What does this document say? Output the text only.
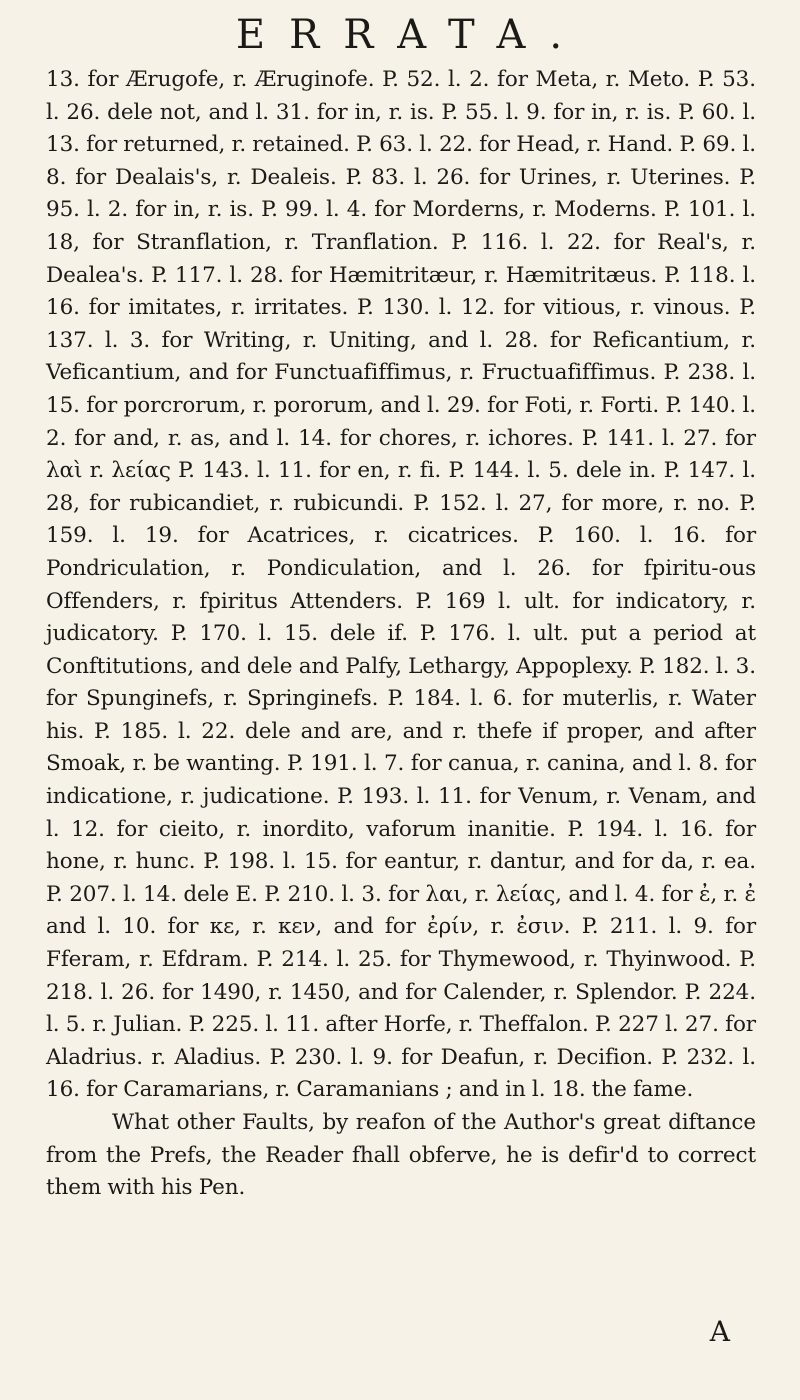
ERRATA.

13. for Ærugofe, r. Æruginofe. P. 52. l. 2. for Meta, r. Meto. P. 53. l. 26. dele not, and l. 31. for in, r. is. P. 55. l. 9. for in, r. is. P. 60. l. 13. for returned, r. retained. P. 63. l. 22. for Head, r. Hand. P. 69. l. 8. for Dealais's, r. Dealeis. P. 83. l. 26. for Urines, r. Uterines. P. 95. l. 2. for in, r. is. P. 99. l. 4. for Morderns, r. Moderns. P. 101. l. 18, for Stranflation, r. Tranflation. P. 116. l. 22. for Real's, r. Dealea's. P. 117. l. 28. for Hæmitritæur, r. Hæmitritæus. P. 118. l. 16. for imitates, r. irritates. P. 130. l. 12. for vitious, r. vinous. P. 137. l. 3. for Writing, r. Uniting, and l. 28. for Reficantium, r. Veficantium, and for Functuafiffimus, r. Fructuafiffimus. P. 238. l. 15. for porcrorum, r. pororum, and l. 29. for Foti, r. Forti. P. 140. l. 2. for and, r. as, and l. 14. for chores, r. ichores. P. 141. l. 27. for λαὶ r. λείας P. 143. l. 11. for en, r. fi. P. 144. l. 5. dele in. P. 147. l. 28, for rubicandiet, r. rubicundi. P. 152. l. 27, for more, r. no. P. 159. l. 19. for Acatrices, r. cicatrices. P. 160. l. 16. for Pondriculation, r. Pondiculation, and l. 26. for fpiritu-ous Offenders, r. fpiritus Attenders. P. 169 l. ult. for indicatory, r. judicatory. P. 170. l. 15. dele if. P. 176. l. ult. put a period at Conftitutions, and dele and Palfy, Lethargy, Appoplexy. P. 182. l. 3. for Spunginefs, r. Springinefs. P. 184. l. 6. for muterlis, r. Water his. P. 185. l. 22. dele and are, and r. thefe if proper, and after Smoak, r. be wanting. P. 191. l. 7. for canua, r. canina, and l. 8. for indicatione, r. judicatione. P. 193. l. 11. for Venum, r. Venam, and l. 12. for cieito, r. inordito, vaforum inanitie. P. 194. l. 16. for hone, r. hunc. P. 198. l. 15. for eantur, r. dantur, and for da, r. ea. P. 207. l. 14. dele E. P. 210. l. 3. for λαι, r. λείας, and l. 4. for ἐ, r. ἐ and l. 10. for κε, r. κεν, and for ἐρίν, r. ἐσιν. P. 211. l. 9. for Fferam, r. Efdram. P. 214. l. 25. for Thymewood, r. Thyinwood. P. 218. l. 26. for 1490, r. 1450, and for Calender, r. Splendor. P. 224. l. 5. r. Julian. P. 225. l. 11. after Horfe, r. Theffalon. P. 227 l. 27. for Aladrius. r. Aladius. P. 230. l. 9. for Deafun, r. Decifion. P. 232. l. 16. for Caramarians, r. Caramanians ; and in l. 18. the fame.

What other Faults, by reafon of the Author's great diftance from the Prefs, the Reader fhall obferve, he is defir'd to correct them with his Pen.

A
